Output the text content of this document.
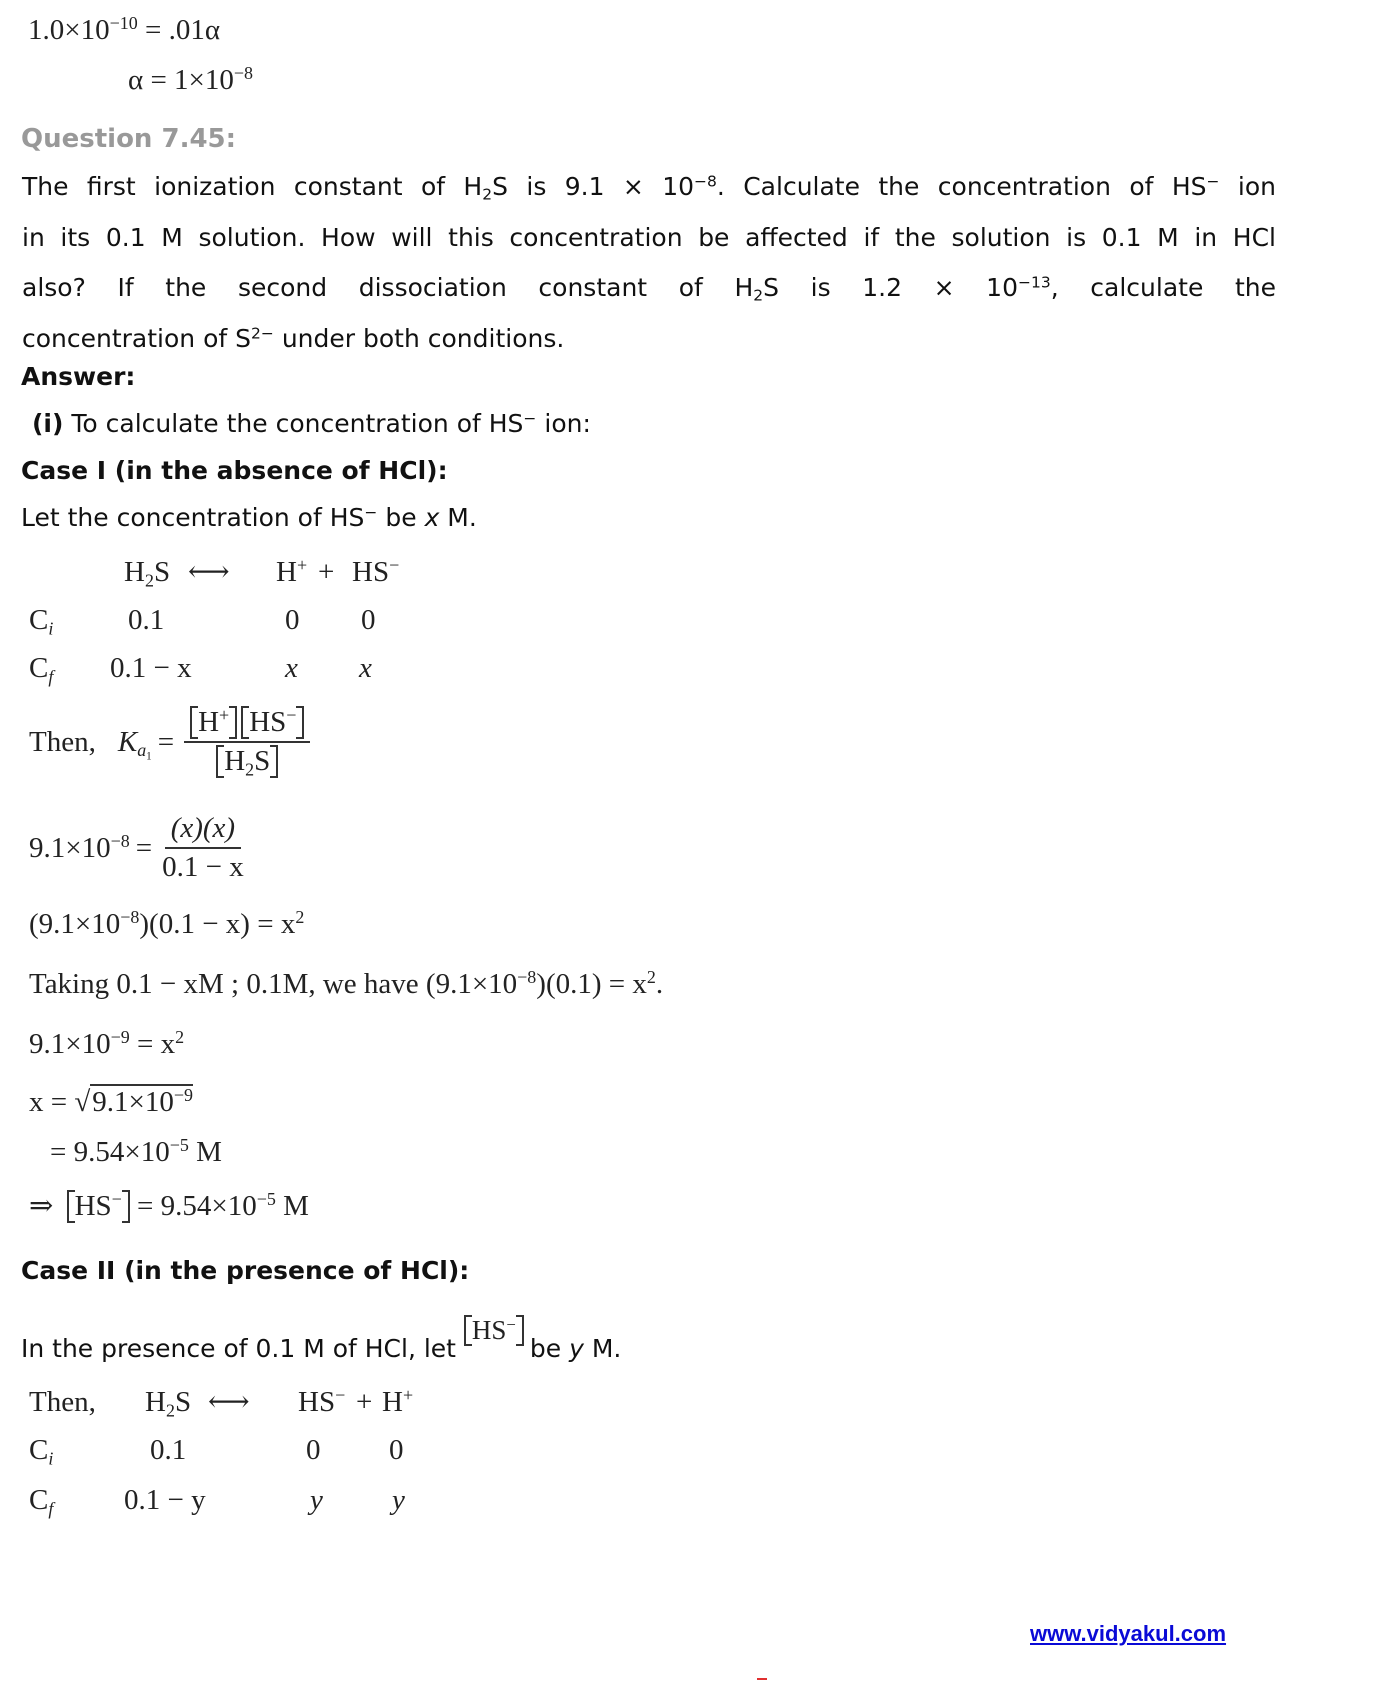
$1.0\times 10^{-10} = .01\alpha$
$\alpha = 1\times 10^{-8}$
Question 7.45:
The first ionization constant of $H_2S$ is $9.1 \times 10^{-8}$. Calculate the concentration of HS− ion
in its 0.1 M solution. How will this concentration be affected if the solution is 0.1 M in HCl
also? If the second dissociation constant of $H_2S$ is $1.2 \times 10^{-13}$, calculate the
concentration of $S^{2-}$ under both conditions.
Answer:
(i) To calculate the concentration of HS− ion:
Case I (in the absence of HCl):
Let the concentration of HS− be x M.
$H_2S$ ⟷ H+ + HS−
$C_i$	0.1	0 0
$C_f$ 0.1 − x	x x
Then, $K_{a_1} = \frac{H^+ HS^-}{H_2S}$
$9.1\times 10^{-8} = \frac{(x)(x)}{0.1 - x}$
$(9.1\times 10^{-8})(0.1 - x) = x^2$
Taking 0.1 − xM ; 0.1M, we have $(9.1\times 10^{-8})(0.1) = x^2$.
$9.1\times 10^{-9} = x^2$
$x = √9.1\times 10^{-9}$
= $9.54\times 10^{-5}$ M
⇒ $HS^- = 9.54\times 10^{-5}$ M
Case II (in the presence of HCl):
In the presence of 0.1 M of HCl, let HS−be y M.
Then, $H_2S$ ⟷ HS− + H+
$C_i$	0.1	0 0
$C_f$ 0.1 − y	y y
www.vidyakul.com
